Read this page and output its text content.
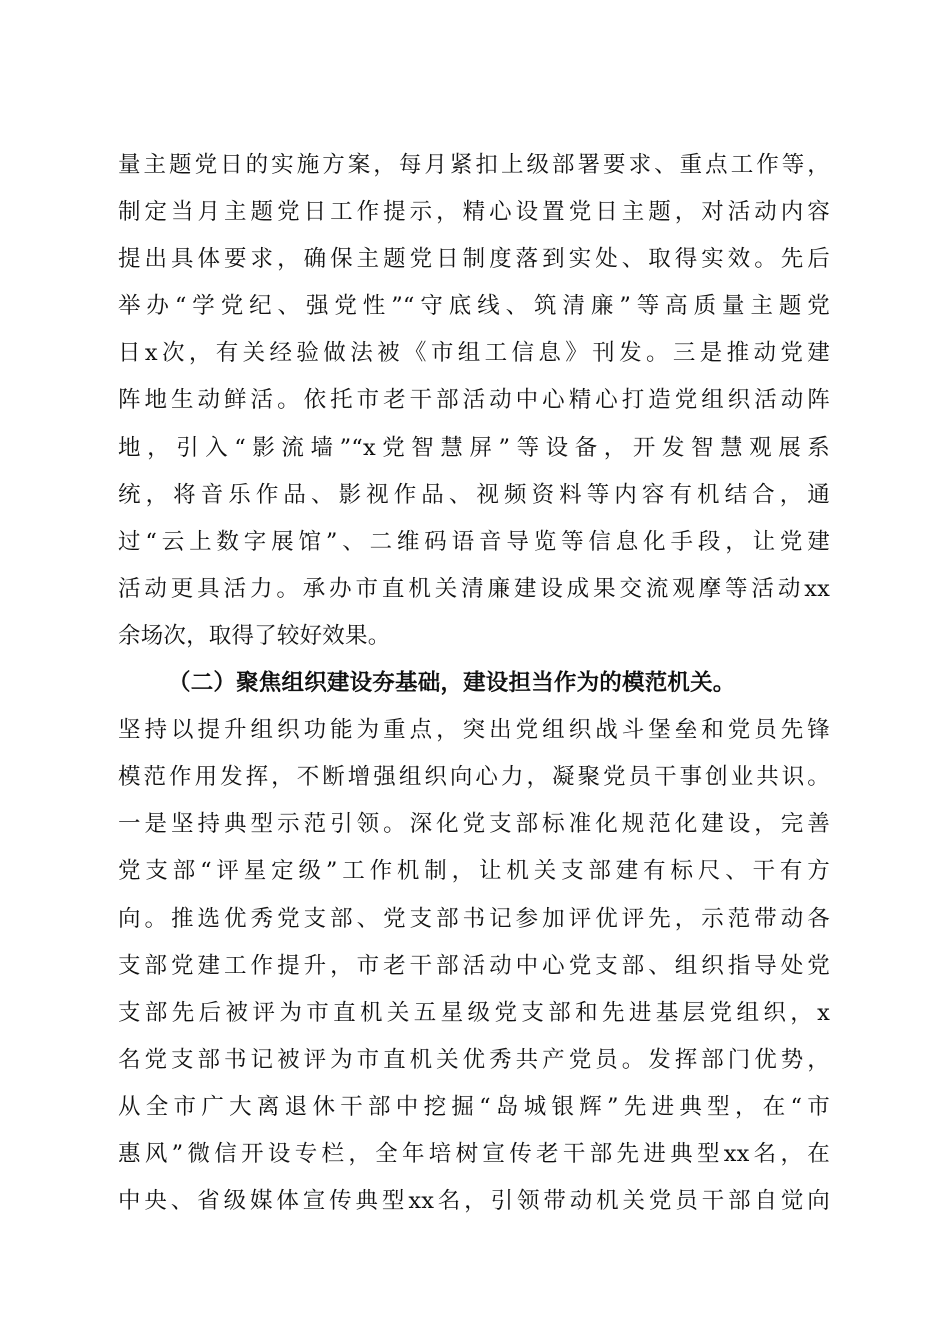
量主题党日的实施方案，每月紧扣上级部署要求、重点工作等，
制定当月主题党日工作提示，精心设置党日主题，对活动内容
提出具体要求，确保主题党日制度落到实处、取得实效。先后
举办“学党纪、强党性”“守底线、筑清廉”等高质量主题党
日x次，有关经验做法被《市组工信息》刊发。三是推动党建
阵地生动鲜活。依托市老干部活动中心精心打造党组织活动阵
地，引入“影流墙”“x党智慧屏”等设备，开发智慧观展系
统，将音乐作品、影视作品、视频资料等内容有机结合，通
过“云上数字展馆”、二维码语音导览等信息化手段，让党建
活动更具活力。承办市直机关清廉建设成果交流观摩等活动xx
余场次，取得了较好效果。
（二）聚焦组织建设夯基础，建设担当作为的模范机关。
坚持以提升组织功能为重点，突出党组织战斗堡垒和党员先锋
模范作用发挥，不断增强组织向心力，凝聚党员干事创业共识。
一是坚持典型示范引领。深化党支部标准化规范化建设，完善
党支部“评星定级”工作机制，让机关支部建有标尺、干有方
向。推选优秀党支部、党支部书记参加评优评先，示范带动各
支部党建工作提升，市老干部活动中心党支部、组织指导处党
支部先后被评为市直机关五星级党支部和先进基层党组织，x
名党支部书记被评为市直机关优秀共产党员。发挥部门优势，
从全市广大离退休干部中挖掘“岛城银辉”先进典型，在“市
惠风”微信开设专栏，全年培树宣传老干部先进典型xx名，在
中央、省级媒体宣传典型xx名，引领带动机关党员干部自觉向
